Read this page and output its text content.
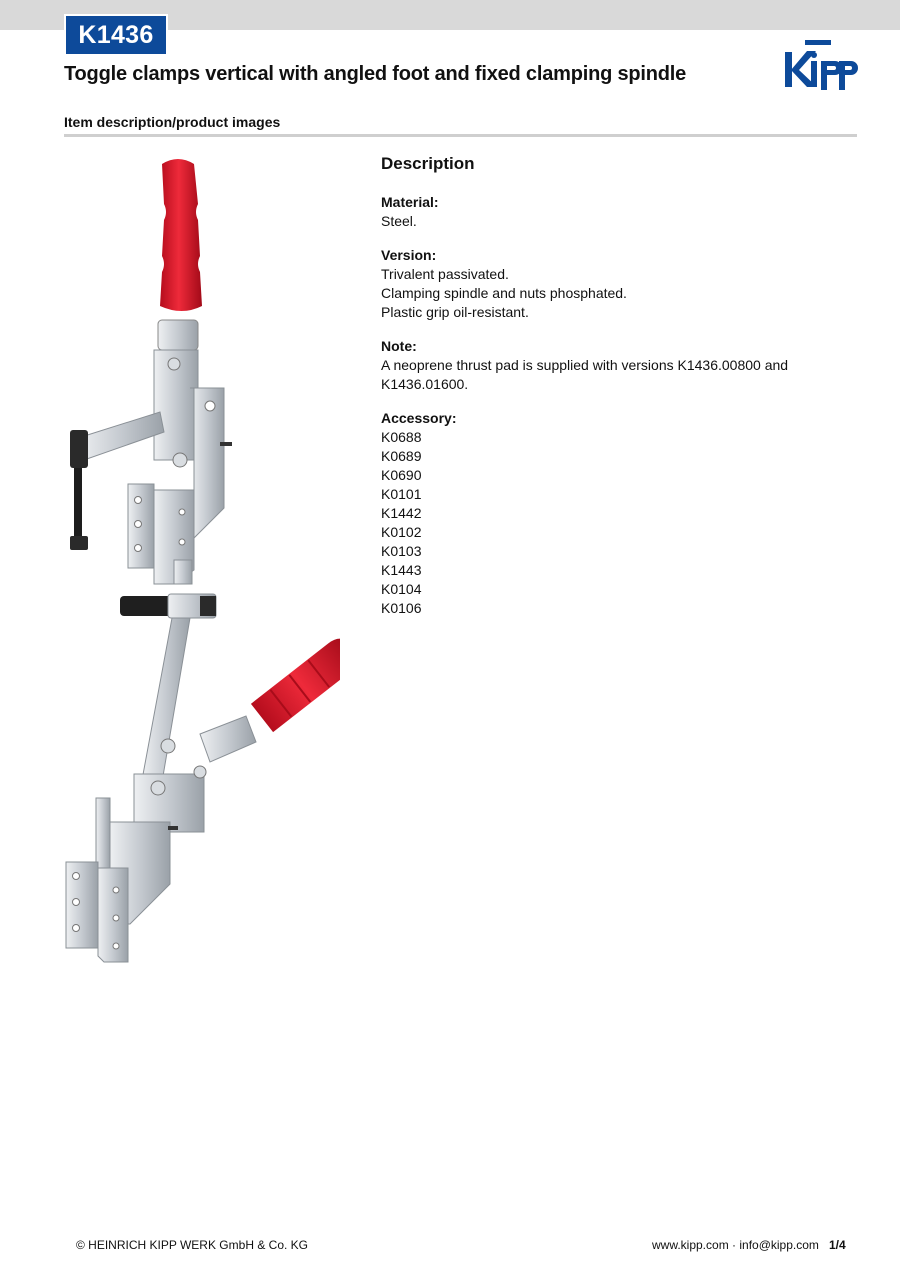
K1436
Toggle clamps vertical with angled foot and fixed clamping spindle
Item description/product images
Description
Material:
Steel.
Version:
Trivalent passivated.
Clamping spindle and nuts phosphated.
Plastic grip oil-resistant.
Note:
A neoprene thrust pad is supplied with versions K1436.00800 and K1436.01600.
Accessory:
K0688
K0689
K0690
K0101
K1442
K0102
K0103
K1443
K0104
K0106
© HEINRICH KIPP WERK GmbH & Co. KG	www.kipp.com · info@kipp.com 1/4
